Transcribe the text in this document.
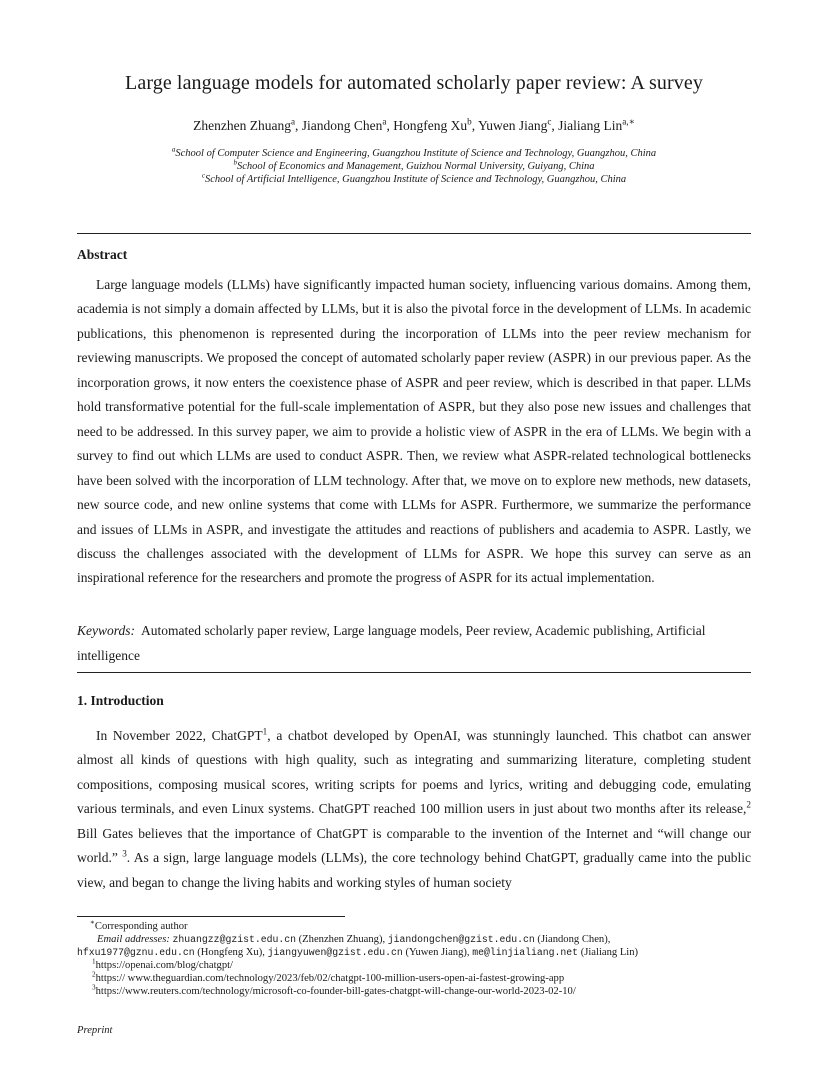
Large language models for automated scholarly paper review: A survey
Zhenzhen Zhuang$^a$, Jiandong Chen$^a$, Hongfeng Xu$^b$, Yuwen Jiang$^c$, Jialiang Lin$^{a,∗}$
$^a$School of Computer Science and Engineering, Guangzhou Institute of Science and Technology, Guangzhou, China
$^b$School of Economics and Management, Guizhou Normal University, Guiyang, China
$^c$School of Artificial Intelligence, Guangzhou Institute of Science and Technology, Guangzhou, China
Abstract
Large language models (LLMs) have significantly impacted human society, influencing various domains. Among them, academia is not simply a domain affected by LLMs, but it is also the pivotal force in the development of LLMs. In academic publications, this phenomenon is represented during the incorporation of LLMs into the peer review mechanism for reviewing manuscripts. We proposed the concept of automated scholarly paper review (ASPR) in our previous paper. As the incorporation grows, it now enters the coexistence phase of ASPR and peer review, which is described in that paper. LLMs hold transformative potential for the full-scale implementation of ASPR, but they also pose new issues and challenges that need to be addressed. In this survey paper, we aim to provide a holistic view of ASPR in the era of LLMs. We begin with a survey to find out which LLMs are used to conduct ASPR. Then, we review what ASPR-related technological bottlenecks have been solved with the incorporation of LLM technology. After that, we move on to explore new methods, new datasets, new source code, and new online systems that come with LLMs for ASPR. Furthermore, we summarize the performance and issues of LLMs in ASPR, and investigate the attitudes and reactions of publishers and academia to ASPR. Lastly, we discuss the challenges associated with the development of LLMs for ASPR. We hope this survey can serve as an inspirational reference for the researchers and promote the progress of ASPR for its actual implementation.
Keywords: Automated scholarly paper review, Large language models, Peer review, Academic publishing, Artificial intelligence
1. Introduction
In November 2022, ChatGPT$^1$, a chatbot developed by OpenAI, was stunningly launched. This chatbot can answer almost all kinds of questions with high quality, such as integrating and summarizing literature, completing student compositions, composing musical scores, writing scripts for poems and lyrics, writing and debugging code, emulating various terminals, and even Linux systems. ChatGPT reached 100 million users in just about two months after its release,$^2$ Bill Gates believes that the importance of ChatGPT is comparable to the invention of the Internet and “will change our world.” $^3$. As a sign, large language models (LLMs), the core technology behind ChatGPT, gradually came into the public view, and began to change the living habits and working styles of human society
∗Corresponding author
Email addresses: zhuangzz@gzist.edu.cn (Zhenzhen Zhuang), jiandongchen@gzist.edu.cn (Jiandong Chen),
hfxu1977@gznu.edu.cn (Hongfeng Xu), jiangyuwen@gzist.edu.cn (Yuwen Jiang), me@linjialiang.net (Jialiang Lin)
$^1$https://openai.com/blog/chatgpt/
$^2$https:// www.theguardian.com/technology/2023/feb/02/chatgpt-100-million-users-open-ai-fastest-growing-app
$^3$https://www.reuters.com/technology/microsoft-co-founder-bill-gates-chatgpt-will-change-our-world-2023-02-10/
Preprint
